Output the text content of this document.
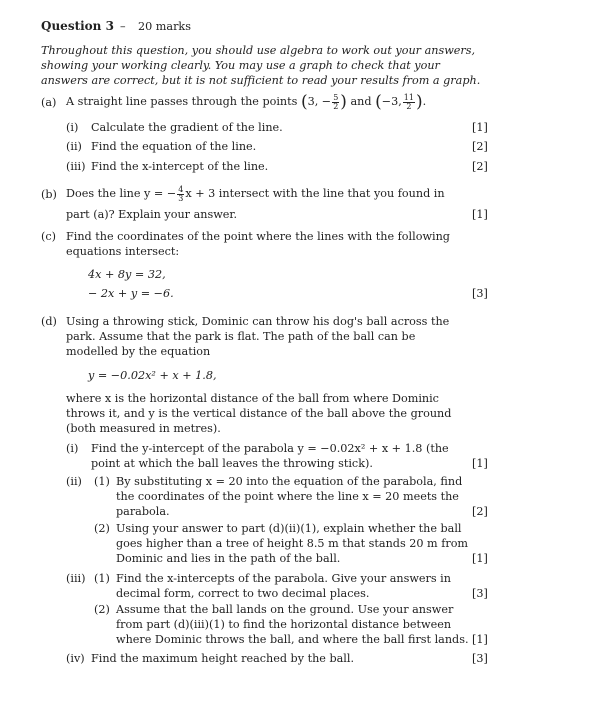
Question 3 – 20 marks
Throughout this question, you should use algebra to work out your answers,
showing your working clearly. You may use a graph to check that your
answers are correct, but it is not sufficient to read your results from a graph.
(a) A straight line passes through the points (3, − $\frac{5}{2}$ ) and (−3, $\frac{11}{2}$ ).
(i) Calculate the gradient of the line.	[1]
(ii) Find the equation of the line.	[2]
(iii) Find the x-intercept of the line.	[2]
(b) Does the line y = − $\frac{4}{3}$ x + 3 intersect with the line that you found in
part (a)? Explain your answer.	[1]
(c) Find the coordinates of the point where the lines with the following
equations intersect:
4x + 8y = 32,
− 2x + y = −6.	[3]
(d) Using a throwing stick, Dominic can throw his dog's ball across the
park. Assume that the park is flat. The path of the ball can be
modelled by the equation
y = −0.02x² + x + 1.8,
where x is the horizontal distance of the ball from where Dominic
throws it, and y is the vertical distance of the ball above the ground
(both measured in metres).
(i) Find the y-intercept of the parabola y = −0.02x² + x + 1.8 (the
point at which the ball leaves the throwing stick).	[1]
(ii) (1) By substituting x = 20 into the equation of the parabola, find
the coordinates of the point where the line x = 20 meets the
parabola.	[2]
(2) Using your answer to part (d)(ii)(1), explain whether the ball
goes higher than a tree of height 8.5 m that stands 20 m from
Dominic and lies in the path of the ball.	[1]
(iii) (1) Find the x-intercepts of the parabola. Give your answers in
decimal form, correct to two decimal places.	[3]
(2) Assume that the ball lands on the ground. Use your answer
from part (d)(iii)(1) to find the horizontal distance between
where Dominic throws the ball, and where the ball first lands. [1]
(iv) Find the maximum height reached by the ball.	[3]
